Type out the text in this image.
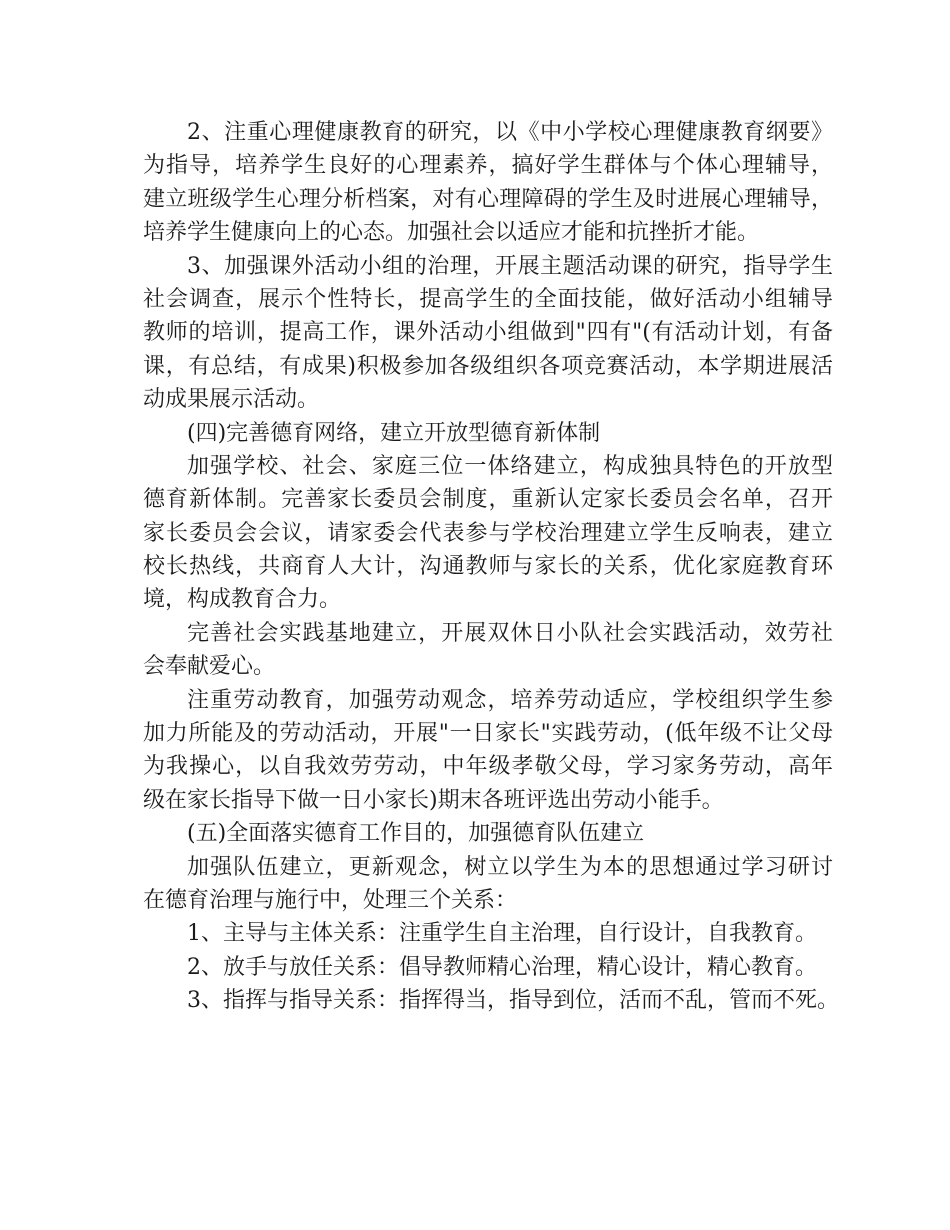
2、注重心理健康教育的研究，以《中小学校心理健康教育纲要》
为指导，培养学生良好的心理素养，搞好学生群体与个体心理辅导，
建立班级学生心理分析档案，对有心理障碍的学生及时进展心理辅导，
培养学生健康向上的心态。加强社会以适应才能和抗挫折才能。
3、加强课外活动小组的治理，开展主题活动课的研究，指导学生
社会调查，展示个性特长，提高学生的全面技能，做好活动小组辅导
教师的培训，提高工作，课外活动小组做到"四有"(有活动计划，有备
课，有总结，有成果)积极参加各级组织各项竞赛活动，本学期进展活
动成果展示活动。
(四)完善德育网络，建立开放型德育新体制
加强学校、社会、家庭三位一体络建立，构成独具特色的开放型
德育新体制。完善家长委员会制度，重新认定家长委员会名单，召开
家长委员会会议，请家委会代表参与学校治理建立学生反响表，建立
校长热线，共商育人大计，沟通教师与家长的关系，优化家庭教育环
境，构成教育合力。
完善社会实践基地建立，开展双休日小队社会实践活动，效劳社
会奉献爱心。
注重劳动教育，加强劳动观念，培养劳动适应，学校组织学生参
加力所能及的劳动活动，开展"一日家长"实践劳动，(低年级不让父母
为我操心，以自我效劳劳动，中年级孝敬父母，学习家务劳动，高年
级在家长指导下做一日小家长)期末各班评选出劳动小能手。
(五)全面落实德育工作目的，加强德育队伍建立
加强队伍建立，更新观念，树立以学生为本的思想通过学习研讨
在德育治理与施行中，处理三个关系：
1、主导与主体关系：注重学生自主治理，自行设计，自我教育。
2、放手与放任关系：倡导教师精心治理，精心设计，精心教育。
3、指挥与指导关系：指挥得当，指导到位，活而不乱，管而不死。
